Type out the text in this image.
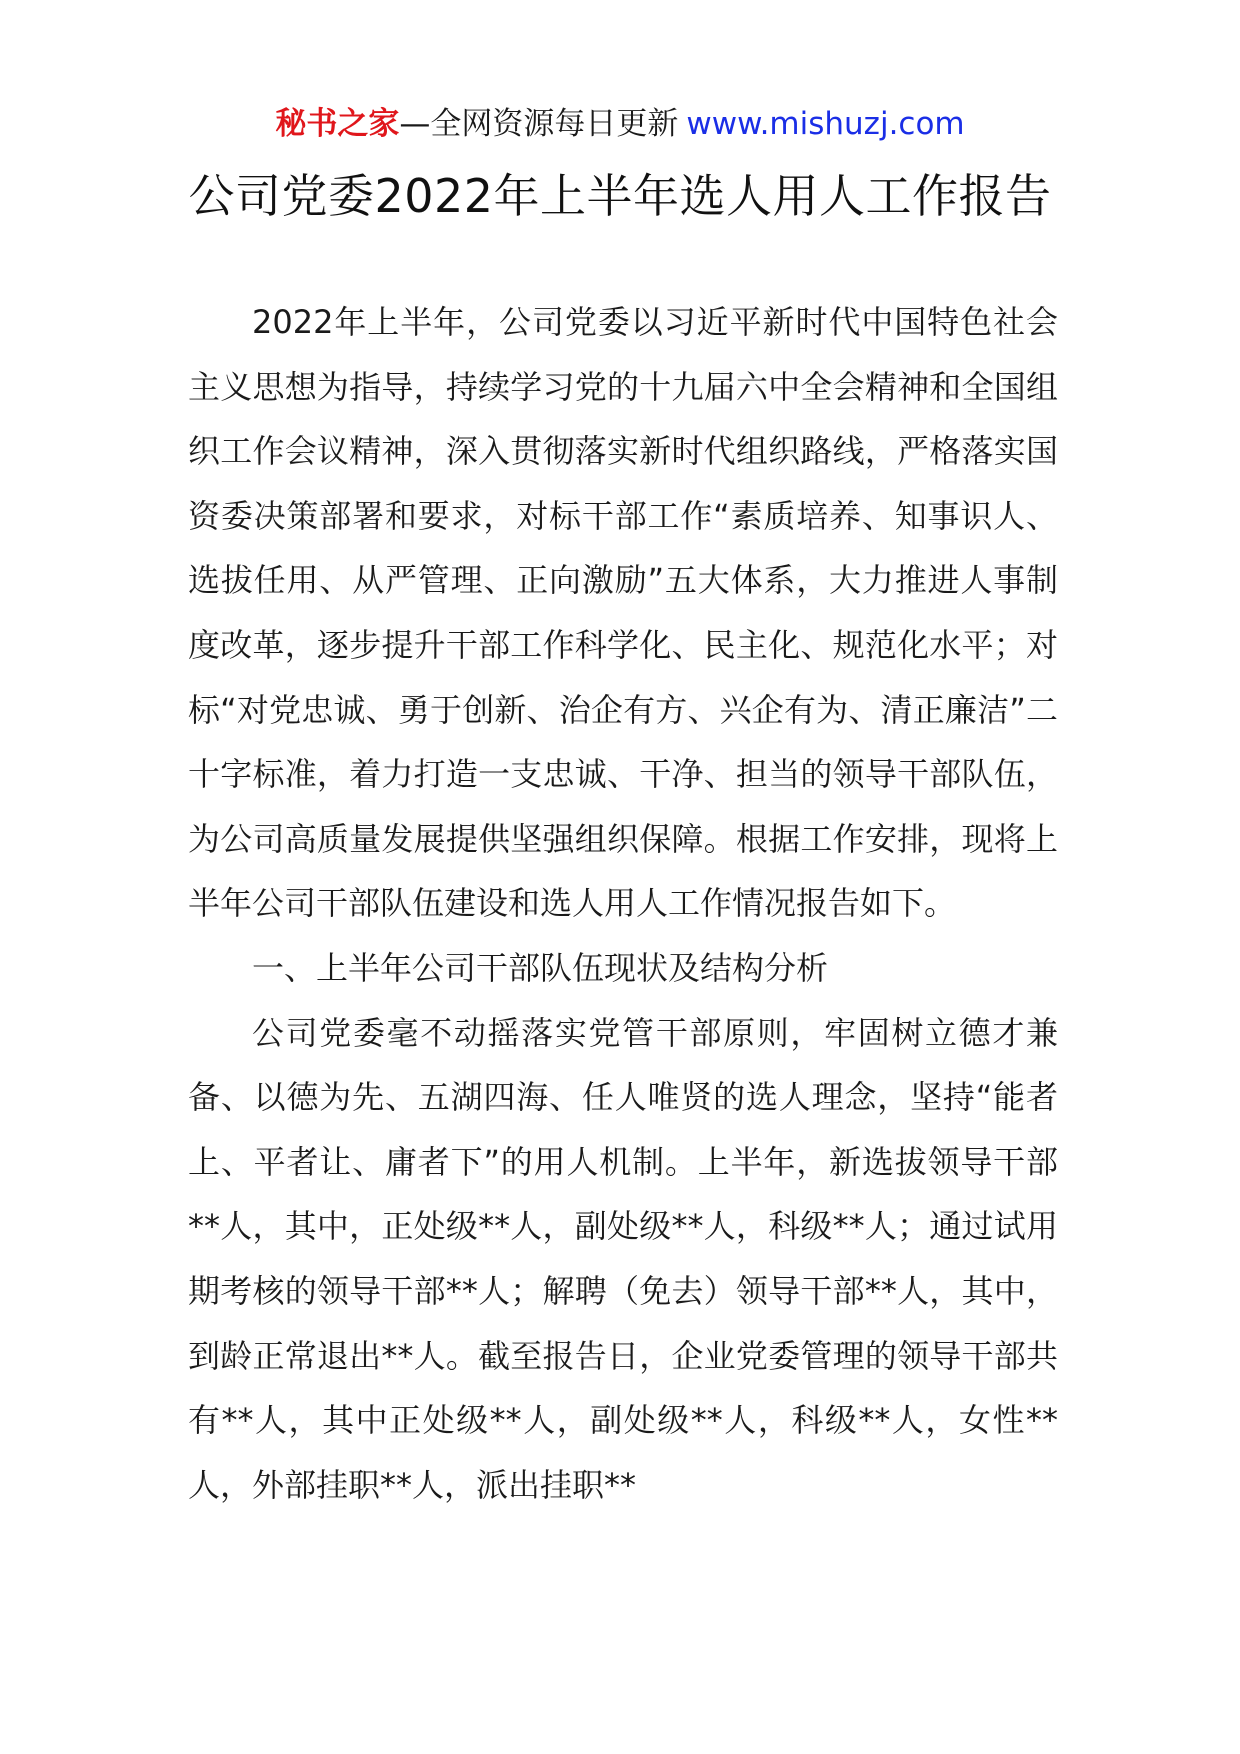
秘书之家—全网资源每日更新 www.mishuzj.com
公司党委2022年上半年选人用人工作报告

2022年上半年，公司党委以习近平新时代中国特色社会主义思想为指导，持续学习党的十九届六中全会精神和全国组织工作会议精神，深入贯彻落实新时代组织路线，严格落实国资委决策部署和要求，对标干部工作“素质培养、知事识人、选拔任用、从严管理、正向激励”五大体系，大力推进人事制度改革，逐步提升干部工作科学化、民主化、规范化水平；对标“对党忠诚、勇于创新、治企有方、兴企有为、清正廉洁”二十字标准，着力打造一支忠诚、干净、担当的领导干部队伍，为公司高质量发展提供坚强组织保障。根据工作安排，现将上半年公司干部队伍建设和选人用人工作情况报告如下。

一、上半年公司干部队伍现状及结构分析

公司党委毫不动摇落实党管干部原则，牢固树立德才兼备、以德为先、五湖四海、任人唯贤的选人理念，坚持“能者上、平者让、庸者下”的用人机制。上半年，新选拔领导干部**人，其中，正处级**人，副处级**人，科级**人；通过试用期考核的领导干部**人；解聘（免去）领导干部**人，其中，到龄正常退出**人。截至报告日，企业党委管理的领导干部共有**人，其中正处级**人，副处级**人，科级**人，女性**人，外部挂职**人，派出挂职**
